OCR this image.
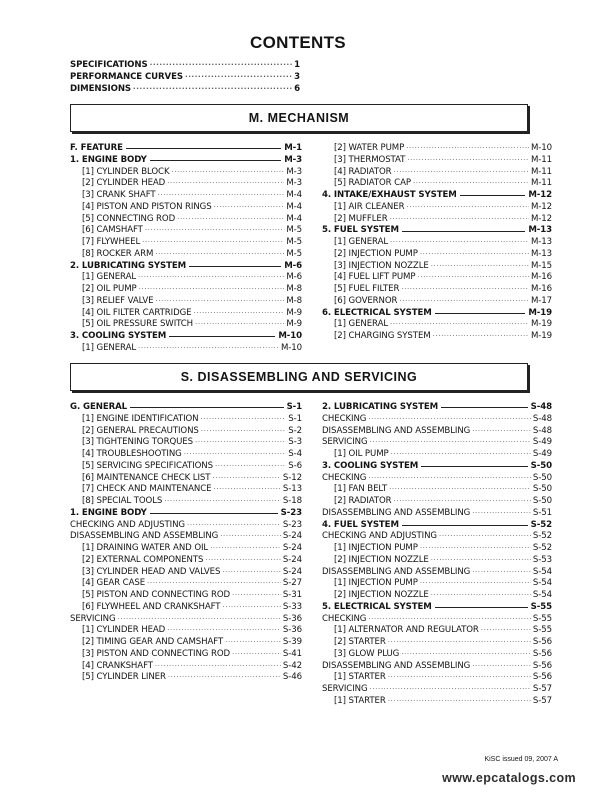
CONTENTS
SPECIFICATIONS ·····	1
PERFORMANCE CURVES ·····	3
DIMENSIONS ·····	6
M. MECHANISM
F. FEATURE	M-1
1. ENGINE BODY	M-3
[1] CYLINDER BLOCK ·····	M-3
[2] CYLINDER HEAD ·····	M-3
[3] CRANK SHAFT ·····	M-4
[4] PISTON AND PISTON RINGS ·····	M-4
[5] CONNECTING ROD ·····	M-4
[6] CAMSHAFT ·····	M-5
[7] FLYWHEEL ·····	M-5
[8] ROCKER ARM ·····	M-5
2. LUBRICATING SYSTEM	M-6
[1] GENERAL ·····	M-6
[2] OIL PUMP ·····	M-8
[3] RELIEF VALVE ·····	M-8
[4] OIL FILTER CARTRIDGE ·····	M-9
[5] OIL PRESSURE SWITCH ·····	M-9
3. COOLING SYSTEM	M-10
[1] GENERAL ·····	M-10
[2] WATER PUMP ·····	M-10
[3] THERMOSTAT ·····	M-11
[4] RADIATOR ·····	M-11
[5] RADIATOR CAP ·····	M-11
4. INTAKE/EXHAUST SYSTEM	M-12
[1] AIR CLEANER ·····	M-12
[2] MUFFLER ·····	M-12
5. FUEL SYSTEM	M-13
[1] GENERAL ·····	M-13
[2] INJECTION PUMP ·····	M-13
[3] INJECTION NOZZLE ·····	M-15
[4] FUEL LIFT PUMP ·····	M-16
[5] FUEL FILTER ·····	M-16
[6] GOVERNOR ·····	M-17
6. ELECTRICAL SYSTEM	M-19
[1] GENERAL ·····	M-19
[2] CHARGING SYSTEM ·····	M-19
S. DISASSEMBLING AND SERVICING
G. GENERAL	S-1
[1] ENGINE IDENTIFICATION ·····	S-1
[2] GENERAL PRECAUTIONS ·····	S-2
[3] TIGHTENING TORQUES ·····	S-3
[4] TROUBLESHOOTING ·····	S-4
[5] SERVICING SPECIFICATIONS ·····	S-6
[6] MAINTENANCE CHECK LIST ·····	S-12
[7] CHECK AND MAINTENANCE ·····	S-13
[8] SPECIAL TOOLS ·····	S-18
1. ENGINE BODY	S-23
CHECKING AND ADJUSTING ·····	S-23
DISASSEMBLING AND ASSEMBLING ·····	S-24
[1] DRAINING WATER AND OIL ·····	S-24
[2] EXTERNAL COMPONENTS ·····	S-24
[3] CYLINDER HEAD AND VALVES ·····	S-24
[4] GEAR CASE ·····	S-27
[5] PISTON AND CONNECTING ROD ·····	S-31
[6] FLYWHEEL AND CRANKSHAFT ·····	S-33
SERVICING ·····	S-36
[1] CYLINDER HEAD ·····	S-36
[2] TIMING GEAR AND CAMSHAFT ·····	S-39
[3] PISTON AND CONNECTING ROD ·····	S-41
[4] CRANKSHAFT ·····	S-42
[5] CYLINDER LINER ·····	S-46
2. LUBRICATING SYSTEM	S-48
CHECKING ·····	S-48
DISASSEMBLING AND ASSEMBLING ·····	S-48
SERVICING ·····	S-49
[1] OIL PUMP ·····	S-49
3. COOLING SYSTEM	S-50
CHECKING ·····	S-50
[1] FAN BELT ·····	S-50
[2] RADIATOR ·····	S-50
DISASSEMBLING AND ASSEMBLING ·····	S-51
4. FUEL SYSTEM	S-52
CHECKING AND ADJUSTING ·····	S-52
[1] INJECTION PUMP ·····	S-52
[2] INJECTION NOZZLE ·····	S-53
DISASSEMBLING AND ASSEMBLING ·····	S-54
[1] INJECTION PUMP ·····	S-54
[2] INJECTION NOZZLE ·····	S-54
5. ELECTRICAL SYSTEM	S-55
CHECKING ·····	S-55
[1] ALTERNATOR AND REGULATOR ·····	S-55
[2] STARTER ·····	S-56
[3] GLOW PLUG ·····	S-56
DISASSEMBLING AND ASSEMBLING ·····	S-56
[1] STARTER ·····	S-56
SERVICING ·····	S-57
[1] STARTER ·····	S-57
KiSC issued 09, 2007 A
www.epcatalogs.com
